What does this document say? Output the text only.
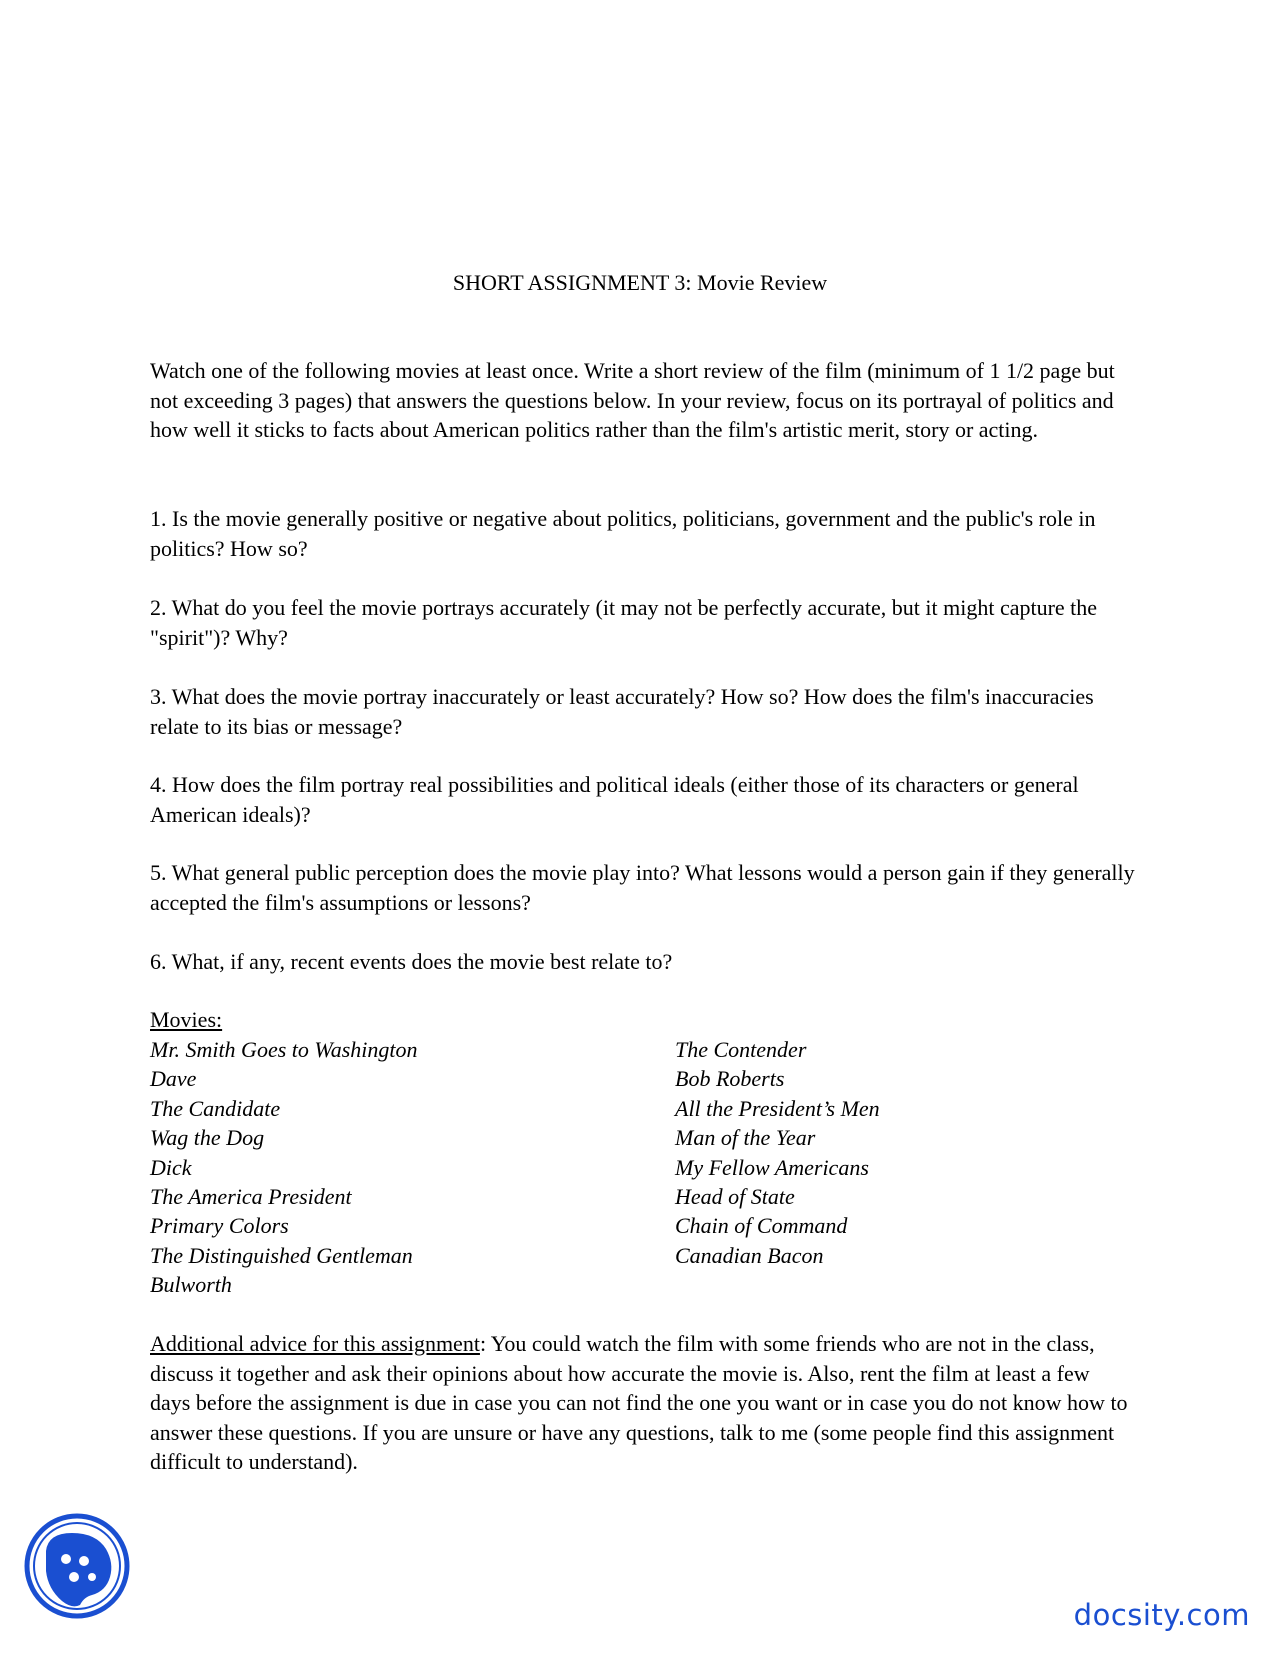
SHORT ASSIGNMENT 3: Movie Review
Watch one of the following movies at least once. Write a short review of the film (minimum of 1 1/2 page but not exceeding 3 pages) that answers the questions below. In your review, focus on its portrayal of politics and how well it sticks to facts about American politics rather than the film's artistic merit, story or acting.
1. Is the movie generally positive or negative about politics, politicians, government and the public's role in politics? How so?
2. What do you feel the movie portrays accurately (it may not be perfectly accurate, but it might capture the "spirit")? Why?
3. What does the movie portray inaccurately or least accurately? How so? How does the film's inaccuracies relate to its bias or message?
4. How does the film portray real possibilities and political ideals (either those of its characters or general American ideals)?
5. What general public perception does the movie play into? What lessons would a person gain if they generally accepted the film's assumptions or lessons?
6. What, if any, recent events does the movie best relate to?
Movies:
Mr. Smith Goes to Washington
Dave
The Candidate
Wag the Dog
Dick
The America President
Primary Colors
The Distinguished Gentleman
Bulworth
The Contender
Bob Roberts
All the President’s Men
Man of the Year
My Fellow Americans
Head of State
Chain of Command
Canadian Bacon
Additional advice for this assignment: You could watch the film with some friends who are not in the class, discuss it together and ask their opinions about how accurate the movie is. Also, rent the film at least a few days before the assignment is due in case you can not find the one you want or in case you do not know how to answer these questions. If you are unsure or have any questions, talk to me (some people find this assignment difficult to understand).
docsity.com
